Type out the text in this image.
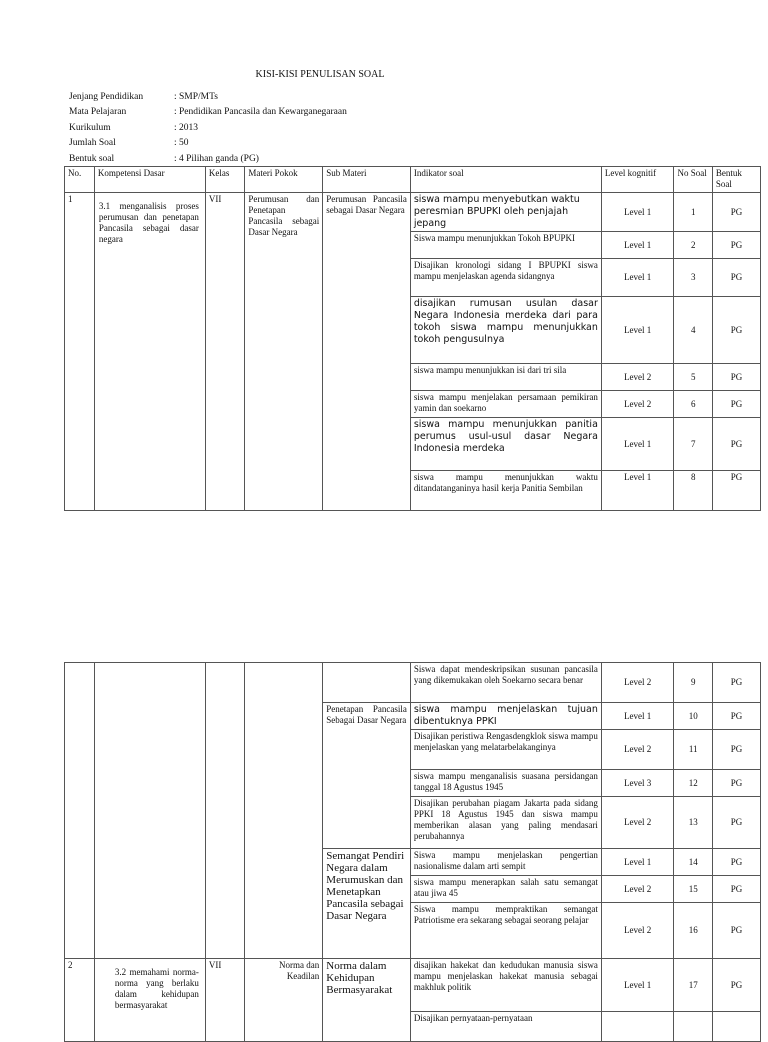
KISI-KISI PENULISAN SOAL
Jenjang Pendidikan	: SMP/MTs
Mata Pelajaran	: Pendidikan Pancasila dan Kewarganegaraan
Kurikulum	: 2013
Jumlah Soal	: 50
Bentuk soal	: 4 Pilihan ganda (PG)
No.	Kompetensi Dasar	Kelas	Materi Pokok	Sub Materi	Indikator soal	Level kognitif	No Soal	Bentuk Soal
1	3.1 menganalisis proses perumusan dan penetapan Pancasila sebagai dasar negara	VII	Perumusan dan Penetapan Pancasila sebagai Dasar Negara	Perumusan Pancasila sebagai Dasar Negara	siswa mampu menyebutkan waktu peresmian BPUPKI oleh penjajah jepang	Level 1	1	PG
					Siswa mampu menunjukkan Tokoh BPUPKI	Level 1	2	PG
					Disajikan kronologi sidang I BPUPKI siswa mampu menjelaskan agenda sidangnya	Level 1	3	PG
					disajikan rumusan usulan dasar Negara Indonesia merdeka dari para tokoh siswa mampu menunjukkan tokoh pengusulnya	Level 1	4	PG
					siswa mampu menunjukkan isi dari tri sila	Level 2	5	PG
					siswa mampu menjelakan persamaan pemikiran yamin dan soekarno	Level 2	6	PG
					siswa mampu menunjukkan panitia perumus usul-usul dasar Negara Indonesia merdeka	Level 1	7	PG
					siswa mampu menunjukkan waktu ditandatanganinya hasil kerja Panitia Sembilan	Level 1	8	PG
					Siswa dapat mendeskripsikan susunan pancasila yang dikemukakan oleh Soekarno secara benar	Level 2	9	PG
				Penetapan Pancasila Sebagai Dasar Negara	siswa mampu menjelaskan tujuan dibentuknya PPKI	Level 1	10	PG
					Disajikan peristiwa Rengasdengklok siswa mampu menjelaskan yang melatarbelakanginya	Level 2	11	PG
					siswa mampu menganalisis suasana persidangan tanggal 18 Agustus 1945	Level 3	12	PG
					Disajikan perubahan piagam Jakarta pada sidang PPKI 18 Agustus 1945 dan siswa mampu memberikan alasan yang paling mendasari perubahannya	Level 2	13	PG
				Semangat Pendiri Negara dalam Merumuskan dan Menetapkan Pancasila sebagai Dasar Negara	Siswa mampu menjelaskan pengertian nasionalisme dalam arti sempit	Level 1	14	PG
					siswa mampu menerapkan salah satu semangat atau jiwa 45	Level 2	15	PG
					Siswa mampu mempraktikan semangat Patriotisme era sekarang sebagai seorang pelajar	Level 2	16	PG
2	3.2 memahami norma-norma yang berlaku dalam kehidupan bermasyarakat	VII	Norma dan Keadilan	Norma dalam Kehidupan Bermasyarakat	disajikan hakekat dan kedudukan manusia siswa mampu menjelaskan hakekat manusia sebagai makhluk politik	Level 1	17	PG
					Disajikan pernyataan-pernyataan			
